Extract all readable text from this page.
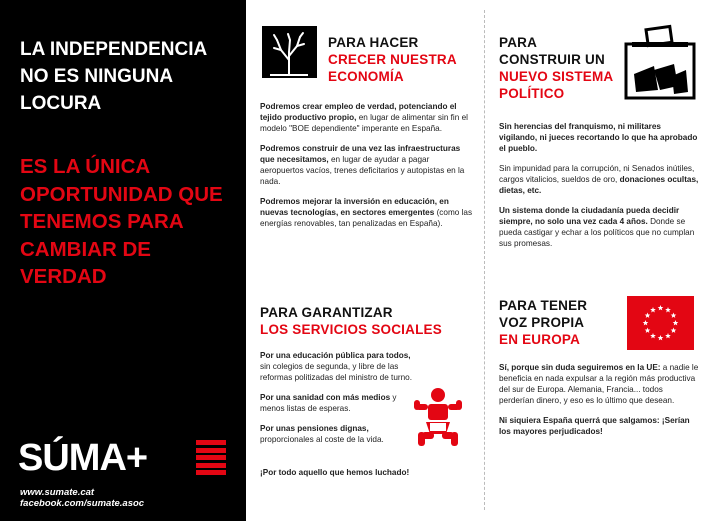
LA INDEPENDENCIA NO ES NINGUNA LOCURA
ES LA ÚNICA OPORTUNIDAD QUE TENEMOS PARA CAMBIAR DE VERDAD
SÚMA+
www.sumate.cat facebook.com/sumate.asoc
PARA HACER
CRECER NUESTRA
ECONOMÍA

Podremos crear empleo de verdad, potenciando el tejido productivo propio, en lugar de alimentar sin fin el modelo "BOE dependiente" imperante en España.

Podremos construir de una vez las infraestructuras que necesitamos, en lugar de ayudar a pagar aeropuertos vacíos, trenes deficitarios y autopistas en la nada.

Podremos mejorar la inversión en educación, en nuevas tecnologías, en sectores emergentes (como las energías renovables, tan penalizadas en España).

PARA GARANTIZAR
LOS SERVICIOS SOCIALES

Por una educación pública para todos, sin colegios de segunda, y libre de las reformas politizadas del ministro de turno.

Por una sanidad con más medios y menos listas de esperas.

Por unas pensiones dignas, proporcionales al coste de la vida.

¡Por todo aquello que hemos luchado!

PARA
CONSTRUIR UN
NUEVO SISTEMA
POLÍTICO

Sin herencias del franquismo, ni militares vigilando, ni jueces recortando lo que ha aprobado el pueblo.

Sin impunidad para la corrupción, ni Senados inútiles, cargos vitalicios, sueldos de oro, donaciones ocultas, dietas, etc.

Un sistema donde la ciudadanía pueda decidir siempre, no solo una vez cada 4 años. Donde se pueda castigar y echar a los políticos que no cumplan sus promesas.

PARA TENER
VOZ PROPIA
EN EUROPA

Sí, porque sin duda seguiremos en la UE: a nadie le beneficia en nada expulsar a la región más productiva del sur de Europa. Alemania, Francia... todos perderían dinero, y eso es lo último que desean.

Ni siquiera España querrá que salgamos: ¡Serían los mayores perjudicados!
